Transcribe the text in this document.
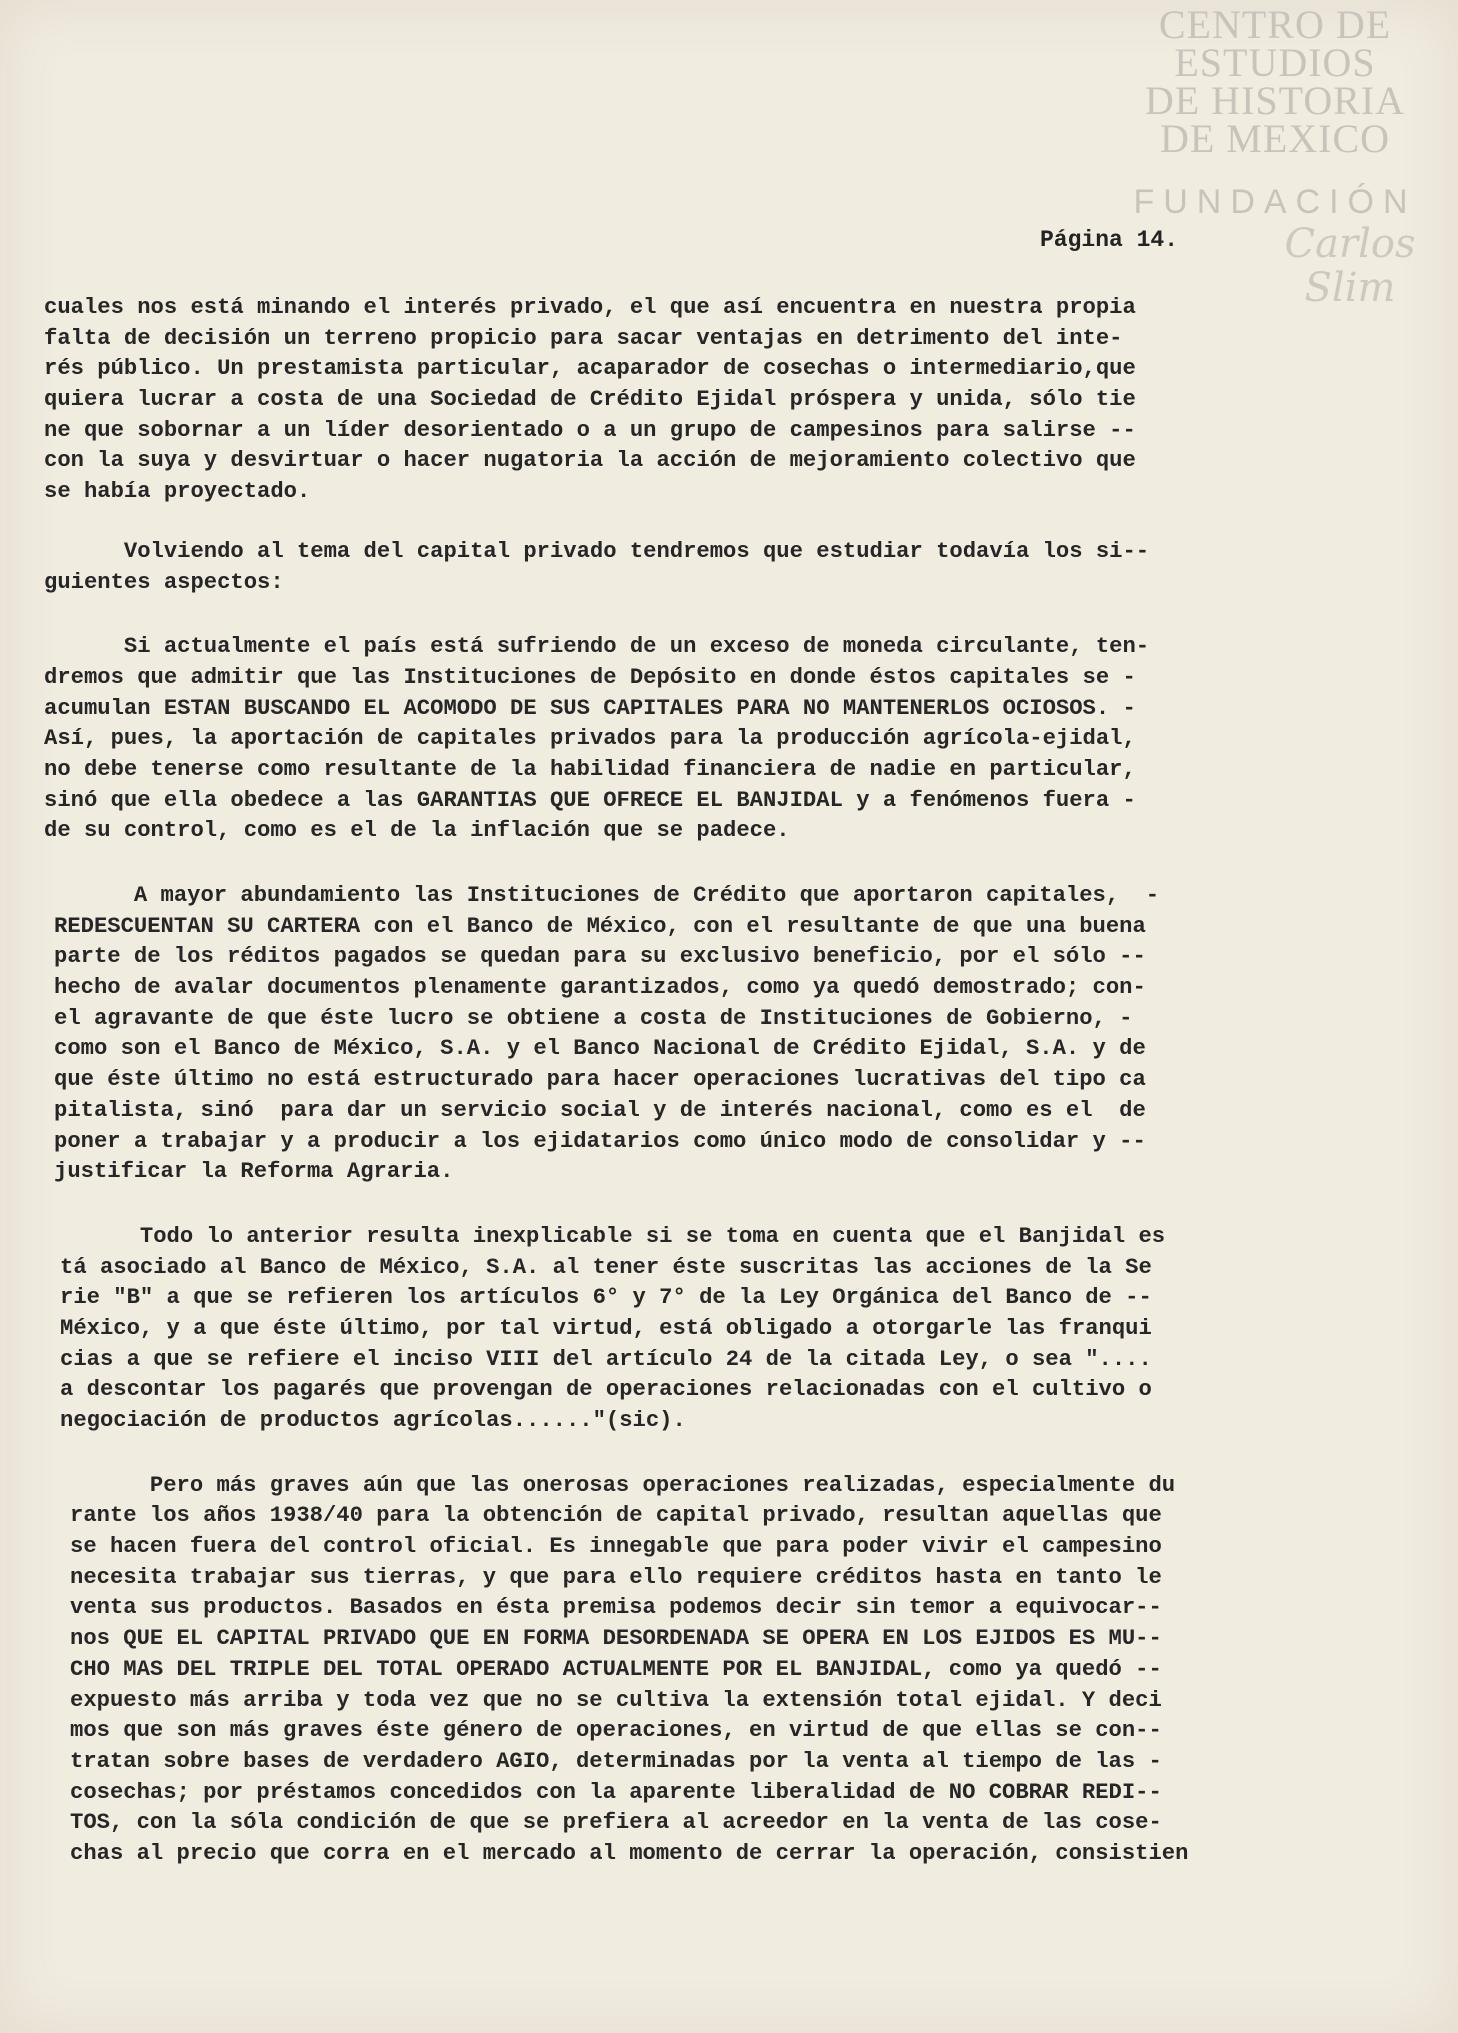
CENTRO DE
ESTUDIOS
DE HISTORIA
DE MEXICO
FUNDACIÓN
Carlos Slim
Página 14.
cuales nos está minando el interés privado, el que así encuentra en nuestra propia
falta de decisión un terreno propicio para sacar ventajas en detrimento del inte-
rés público. Un prestamista particular, acaparador de cosechas o intermediario,que
quiera lucrar a costa de una Sociedad de Crédito Ejidal próspera y unida, sólo tie
ne que sobornar a un líder desorientado o a un grupo de campesinos para salirse --
con la suya y desvirtuar o hacer nugatoria la acción de mejoramiento colectivo que
se había proyectado.
Volviendo al tema del capital privado tendremos que estudiar todavía los si--
guientes aspectos:
Si actualmente el país está sufriendo de un exceso de moneda circulante, ten-
dremos que admitir que las Instituciones de Depósito en donde éstos capitales se -
acumulan ESTAN BUSCANDO EL ACOMODO DE SUS CAPITALES PARA NO MANTENERLOS OCIOSOS. -
Así, pues, la aportación de capitales privados para la producción agrícola-ejidal,
no debe tenerse como resultante de la habilidad financiera de nadie en particular,
sinó que ella obedece a las GARANTIAS QUE OFRECE EL BANJIDAL y a fenómenos fuera -
de su control, como es el de la inflación que se padece.
A mayor abundamiento las Instituciones de Crédito que aportaron capitales,  -
REDESCUENTAN SU CARTERA con el Banco de México, con el resultante de que una buena
parte de los réditos pagados se quedan para su exclusivo beneficio, por el sólo --
hecho de avalar documentos plenamente garantizados, como ya quedó demostrado; con-
el agravante de que éste lucro se obtiene a costa de Instituciones de Gobierno, -
como son el Banco de México, S.A. y el Banco Nacional de Crédito Ejidal, S.A. y de
que éste último no está estructurado para hacer operaciones lucrativas del tipo ca
pitalista, sinó  para dar un servicio social y de interés nacional, como es el  de
poner a trabajar y a producir a los ejidatarios como único modo de consolidar y --
justificar la Reforma Agraria.
Todo lo anterior resulta inexplicable si se toma en cuenta que el Banjidal es
tá asociado al Banco de México, S.A. al tener éste suscritas las acciones de la Se
rie "B" a que se refieren los artículos 6° y 7° de la Ley Orgánica del Banco de --
México, y a que éste último, por tal virtud, está obligado a otorgarle las franqui
cias a que se refiere el inciso VIII del artículo 24 de la citada Ley, o sea "....
a descontar los pagarés que provengan de operaciones relacionadas con el cultivo o
negociación de productos agrícolas......"(sic).
Pero más graves aún que las onerosas operaciones realizadas, especialmente du
rante los años 1938/40 para la obtención de capital privado, resultan aquellas que
se hacen fuera del control oficial. Es innegable que para poder vivir el campesino
necesita trabajar sus tierras, y que para ello requiere créditos hasta en tanto le
venta sus productos. Basados en ésta premisa podemos decir sin temor a equivocar--
nos QUE EL CAPITAL PRIVADO QUE EN FORMA DESORDENADA SE OPERA EN LOS EJIDOS ES MU--
CHO MAS DEL TRIPLE DEL TOTAL OPERADO ACTUALMENTE POR EL BANJIDAL, como ya quedó --
expuesto más arriba y toda vez que no se cultiva la extensión total ejidal. Y deci
mos que son más graves éste género de operaciones, en virtud de que ellas se con--
tratan sobre bases de verdadero AGIO, determinadas por la venta al tiempo de las -
cosechas; por préstamos concedidos con la aparente liberalidad de NO COBRAR REDI--
TOS, con la sóla condición de que se prefiera al acreedor en la venta de las cose-
chas al precio que corra en el mercado al momento de cerrar la operación, consistien
